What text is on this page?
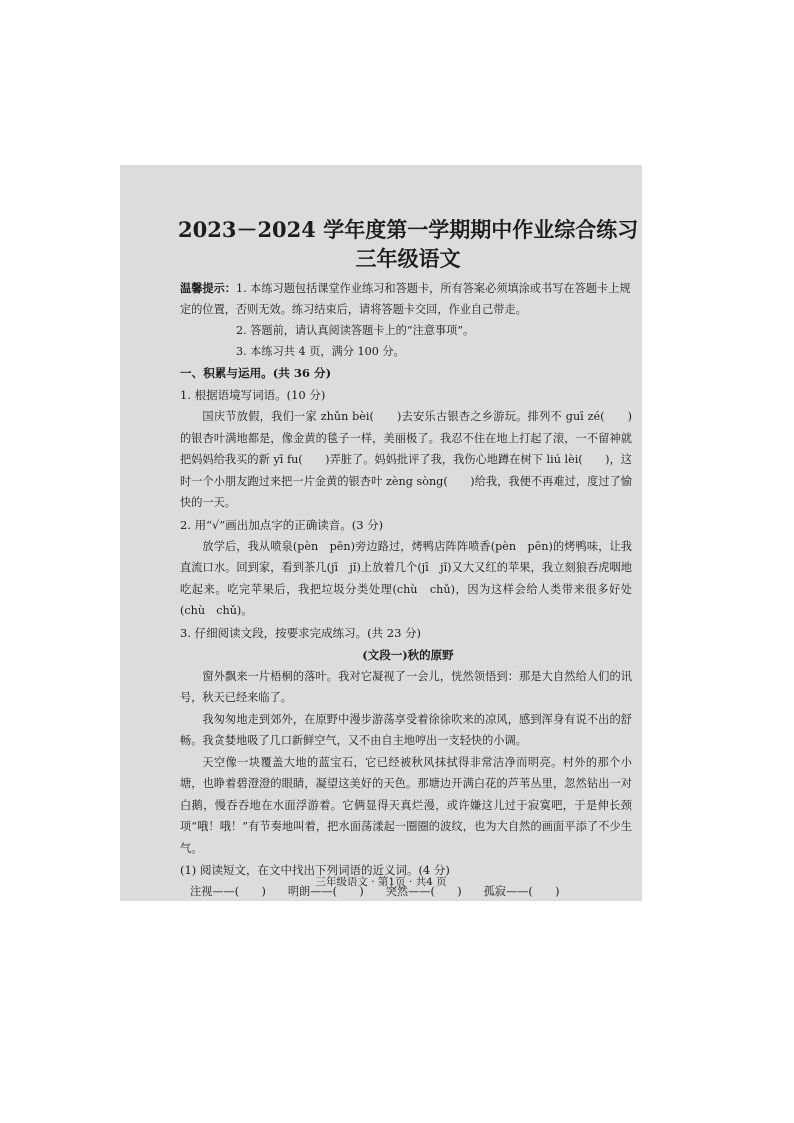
2023－2024 学年度第一学期期中作业综合练习
三年级语文
温馨提示：1. 本练习题包括课堂作业练习和答题卡，所有答案必须填涂或书写在答题卡上规定的位置，否则无效。练习结束后，请将答题卡交回，作业自己带走。
2. 答题前，请认真阅读答题卡上的“注意事项”。
3. 本练习共 4 页，满分 100 分。

一、积累与运用。(共 36 分)

1. 根据语境写词语。(10 分)

国庆节放假，我们一家 zhǔn bèi(　　)去安乐古银杏之乡游玩。排列不 guī zé(　　)的银杏叶满地都是，像金黄的毯子一样，美丽极了。我忍不住在地上打起了滚，一不留神就把妈妈给我买的新 yī fu(　　)弄脏了。妈妈批评了我，我伤心地蹲在树下 liú lèi(　　)，这时一个小朋友跑过来把一片金黄的银杏叶 zèng sòng(　　)给我，我便不再难过，度过了愉快的一天。

2. 用“√”画出加点字的正确读音。(3 分)

放学后，我从喷泉(pèn　pēn)旁边路过，烤鸭店阵阵喷香(pèn　pēn)的烤鸭味，让我直流口水。回到家，看到茶几(jī　jǐ)上放着几个(jī　jǐ)又大又红的苹果，我立刻狼吞虎咽地吃起来。吃完苹果后，我把垃圾分类处理(chù　chǔ)，因为这样会给人类带来很多好处(chù　chǔ)。

3. 仔细阅读文段，按要求完成练习。(共 23 分)

(文段一)秋的原野

窗外飘来一片梧桐的落叶。我对它凝视了一会儿，恍然领悟到：那是大自然给人们的讯号，秋天已经来临了。

我匆匆地走到郊外，在原野中漫步游荡享受着徐徐吹来的凉风，感到浑身有说不出的舒畅。我贪婪地吸了几口新鲜空气，又不由自主地哼出一支轻快的小调。

天空像一块覆盖大地的蓝宝石，它已经被秋风抹拭得非常洁净而明亮。村外的那个小塘，也睁着碧澄澄的眼睛，凝望这美好的天色。那塘边开满白花的芦苇丛里，忽然钻出一对白鹅，慢吞吞地在水面浮游着。它俩显得天真烂漫，或许嫌这儿过于寂寞吧，于是伸长颈项“哦！哦！”有节奏地叫着，把水面荡漾起一圈圈的波纹，也为大自然的画面平添了不少生气。

(1) 阅读短文，在文中找出下列词语的近义词。(4 分)

注视——(　　) 明朗——(　　) 突然——(　　) 孤寂——(　　)
三年级语文 · 第1页 · 共4 页
